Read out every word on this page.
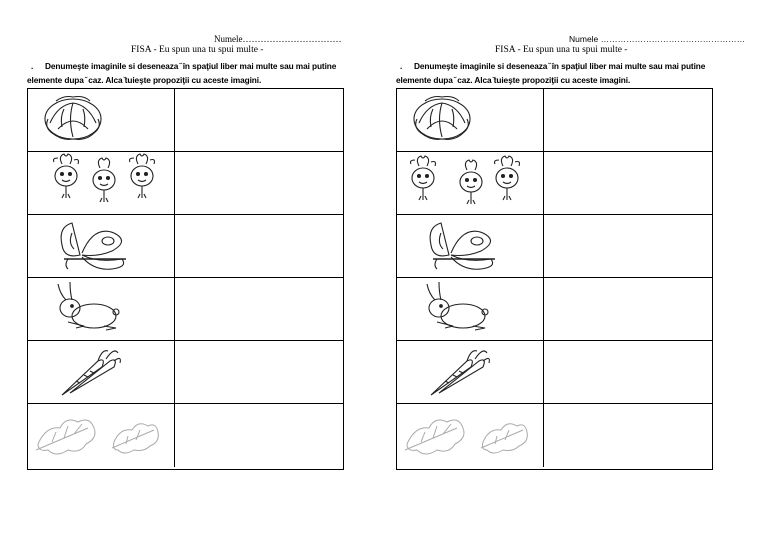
Numele……………………………
FISA - Eu spun una tu spui multe -
. Denumeşte imaginile si deseneaza ̆ în spaţiul liber mai multe sau mai putine elemente dupa ̆ caz. Alca ̆tuieşte propoziţii cu aceste imagini.
Numele ……………………………………………
FISA - Eu spun una tu spui multe -
. Denumeşte imaginile si deseneaza ̆ în spaţiul liber mai multe sau mai putine elemente dupa ̆ caz. Alca ̆tuieşte propoziţii cu aceste imagini.
